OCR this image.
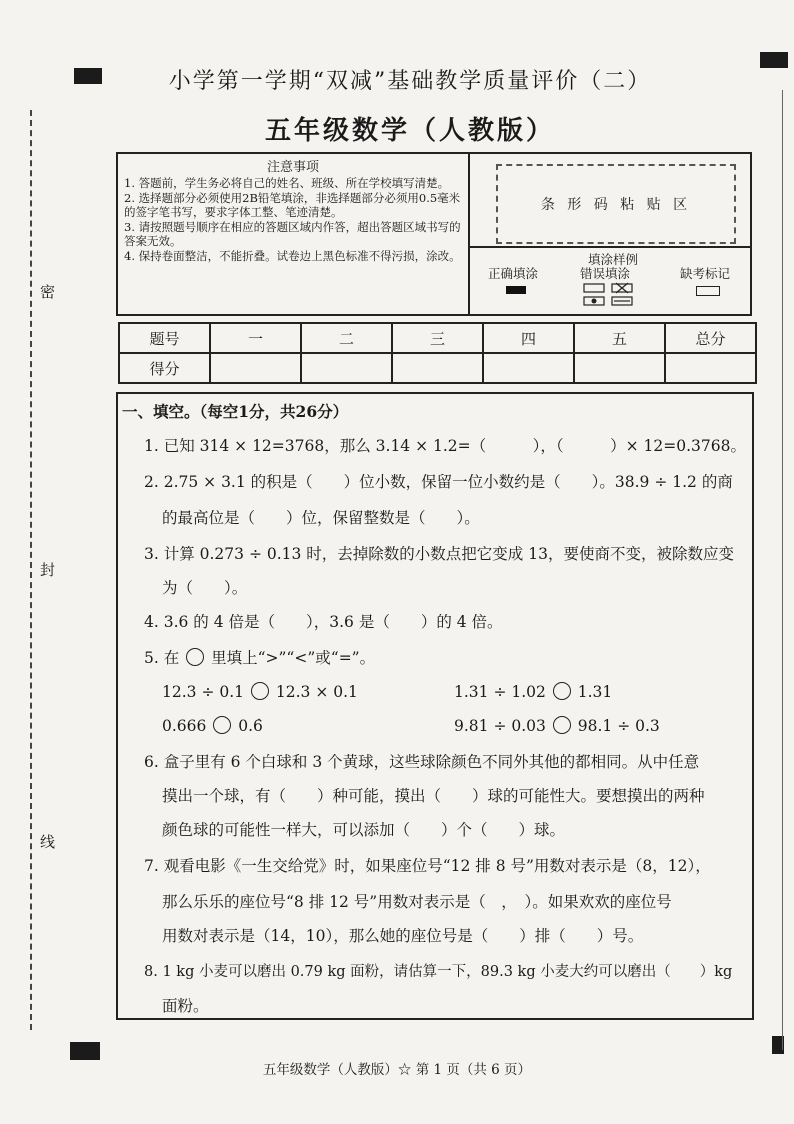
密
封
线
小学第一学期“双减”基础教学质量评价（二）
五年级数学（人教版）
注意事项

1. 答题前，学生务必将自己的姓名、班级、所在学校填写清楚。

2. 选择题部分必须使用2B铅笔填涂，非选择题部分必须用0.5毫米的签字笔书写，要求字体工整、笔迹清楚。

3. 请按照题号顺序在相应的答题区域内作答，超出答题区域书写的答案无效。

4. 保持卷面整洁，不能折叠。试卷边上黑色标准不得污损，涂改。

条 形 码 粘 贴 区
填涂样例
正确填涂	错误填涂	缺考标记
题号	一	二	三	四	五	总分
得分						
一、填空。（每空1分，共26分）
1. 已知 314 × 12=3768，那么 3.14 × 1.2=（　　　），（　　　）× 12=0.3768。
2. 2.75 × 3.1 的积是（　　）位小数，保留一位小数约是（　　）。38.9 ÷ 1.2 的商
的最高位是（　　）位，保留整数是（　　）。
3. 计算 0.273 ÷ 0.13 时，去掉除数的小数点把它变成 13，要使商不变，被除数应变
为（　　）。
4. 3.6 的 4 倍是（　　），3.6 是（　　）的 4 倍。
5. 在 里填上“>”“<”或“=”。
12.3 ÷ 0.1 12.3 × 0.1	1.31 ÷ 1.02 1.31
0.666 0.6̇	9.81 ÷ 0.03 98.1 ÷ 0.3
6. 盒子里有 6 个白球和 3 个黄球，这些球除颜色不同外其他的都相同。从中任意
摸出一个球，有（　　）种可能，摸出（　　）球的可能性大。要想摸出的两种
颜色球的可能性一样大，可以添加（　　）个（　　）球。
7. 观看电影《一生交给党》时，如果座位号“12 排 8 号”用数对表示是（8，12），
那么乐乐的座位号“8 排 12 号”用数对表示是（　，　）。如果欢欢的座位号
用数对表示是（14，10），那么她的座位号是（　　）排（　　）号。
8. 1 kg 小麦可以磨出 0.79 kg 面粉，请估算一下，89.3 kg 小麦大约可以磨出（　　）kg
面粉。
五年级数学（人教版）☆ 第 1 页（共 6 页）
